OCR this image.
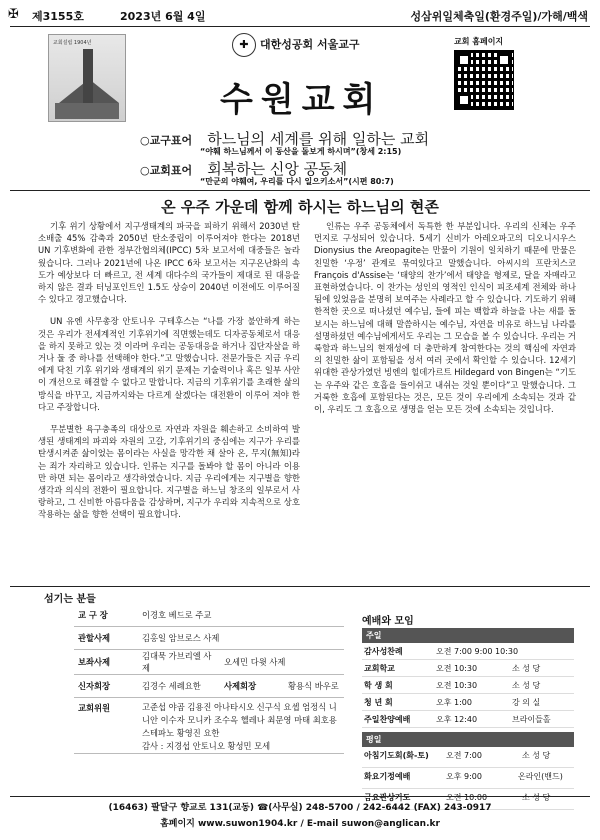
✠ 제3155호	2023년 6월 4일	성삼위일체축일(환경주일)/가해/백색
교회설립 1904년	✚	대한성공회 서울교구
수원교회
교회 홈페이지
○교구표어 하느님의 세계를 위해 일하는 교회
“야훼 하느님께서 이 동산을 돌보게 하시며”(창세 2:15)
○교회표어 회복하는 신앙 공동체
“만군의 야훼여, 우리를 다시 일으키소서”(시편 80:7)
온 우주 가운데 함께 하시는 하느님의 현존

기후 위기 상황에서 지구생태계의 파국을 피하기 위해서 2030년 탄소배출 45% 감축과 2050년 탄소중립이 이루어져야 한다는 2018년 UN 기후변화에 관한 정부간협의체(IPCC) 5차 보고서에 대중들은 놀라웠습니다. 그러나 2021년에 나온 IPCC 6차 보고서는 지구온난화의 속도가 예상보다 더 빠르고, 전 세계 대다수의 국가들이 제대로 된 대응을 하지 않은 결과 터닝포인트인 1.5도 상승이 2040년 이전에도 이루어질 수 있다고 경고했습니다.

UN 유엔 사무총장 안토니우 구테후스는 “나를 가장 불안하게 하는 것은 우리가 전세계적인 기후위기에 직면했는데도 디자공동체로서 대응을 하지 못하고 있는 것 이라며 우리는 공동대응을 하거나 집단자살을 하거나 둘 중 하나를 선택해야 한다.”고 말했습니다. 전문가들은 지금 우리에게 닥친 기후 위기와 생태계의 위기 문제는 기술력이나 혹은 일부 사안이 개선으로 해결할 수 없다고 말합니다. 지금의 기후위기를 초래한 삶의 방식을 바꾸고, 지금까지와는 다르게 살겠다는 대전환이 이루어 져야 한다고 주장합니다.

무분별한 욕구충족의 대상으로 자연과 자원을 훼손하고 소비하여 발생된 생태계의 파괴와 자원의 고갈, 기후위기의 중심에는 지구가 우리를 탄생시켜준 삶이었는 몸이라는 사실을 망각한 채 살아 온, 무지(無知)라는 죄가 자리하고 있습니다. 인류는 지구를 돌봐야 할 몸이 아니라 이용만 하면 되는 몸이라고 생각하였습니다. 지금 우리에게는 지구별을 향한 생각과 의식의 전환이 필요합니다. 지구별을 하느님 창조의 일부로서 사랑하고, 그 신비한 아름다움을 감상하며, 지구가 우리와 지속적으로 상호작용하는 삶을 향한 선택이 필요합니다.

인류는 우주 공동체에서 독특한 한 부분입니다. 우리의 신체는 우주먼지로 구성되어 있습니다. 5세기 신비가 아레오파고의 디오니시우스 Dionysius the Areopagite는 만물이 기원이 일치하기 때문에 만물은 친밀한 ‘우정’ 관계로 묶여있다고 말했습니다. 아씨시의 프란치스코 François d'Assise는 ‘태양의 찬가’에서 태양을 형제로, 달을 자매라고 표현하였습니다. 이 찬가는 성인의 영적인 인식이 피조세계 전체와 하나 됨에 있었음을 분명히 보여주는 사례라고 할 수 있습니다. 기도하기 위해 한적한 곳으로 떠나셨던 예수님, 들에 피는 백합과 하늘을 나는 새를 돌보시는 하느님에 대해 말씀하시는 예수님, 자연을 비유로 하느님 나라를 설명하셨던 예수님에게서도 우리는 그 모습을 볼 수 있습니다. 우리는 거룩함과 하느님의 현재성에 더 충만하게 참여한다는 것의 핵심에 자연과의 친밀한 삶이 포함됨을 성서 여러 곳에서 확인할 수 있습니다. 12세기 위대한 관상가였던 빙엔의 힐데가르트 Hildegard von Bingen는 “기도는 우주와 같은 호흡을 들이쉬고 내쉬는 것일 뿐이다”고 말했습니다. 그 거룩한 호흡에 포함된다는 것은, 모든 것이 우리에게 소속되는 것과 같이, 우리도 그 호흡으로 생명을 얻는 모든 것에 소속되는 것입니다.

섬기는 분들
교 구 장	이경호 베드로 주교		
관할사제	김홍일 암브로스 사제		
보좌사제	김대묵 가브리엘 사제	오세민 다윗 사제	
신자회장	김경수 세례요한	사제회장	황용식 바우로
교회위원	고준섭 야곱 김용진 아나타시오 신구식 요셉 엄정식 니니안 이수자 모니카 조수옥 헬레나 최문영 마태 최호용 스테파노 황영진 요한
감사 : 지경섭 안토니오 황성민 모세		
예배와 모임
주일
감사성찬례	오전 7:00 9:00 10:30
교회학교	오전 10:30	소 성 당
학 생 회	오전 10:30	소 성 당
청 년 회	오후 1:00	강 의 실
주일찬양예배	오후 12:40	브라이들홀
평일
아침기도회(화-토) 오전 7:00	소 성 당
화요기정예배	오후 9:00	온라인(밴드)
금요관상기도	오전 10:00	소 성 당
(16463) 팔달구 향교로 131(교동) ☎(사무실) 248-5700 / 242-6442 (FAX) 243-0917
홈페이지 www.suwon1904.kr / E-mail suwon@anglican.kr
